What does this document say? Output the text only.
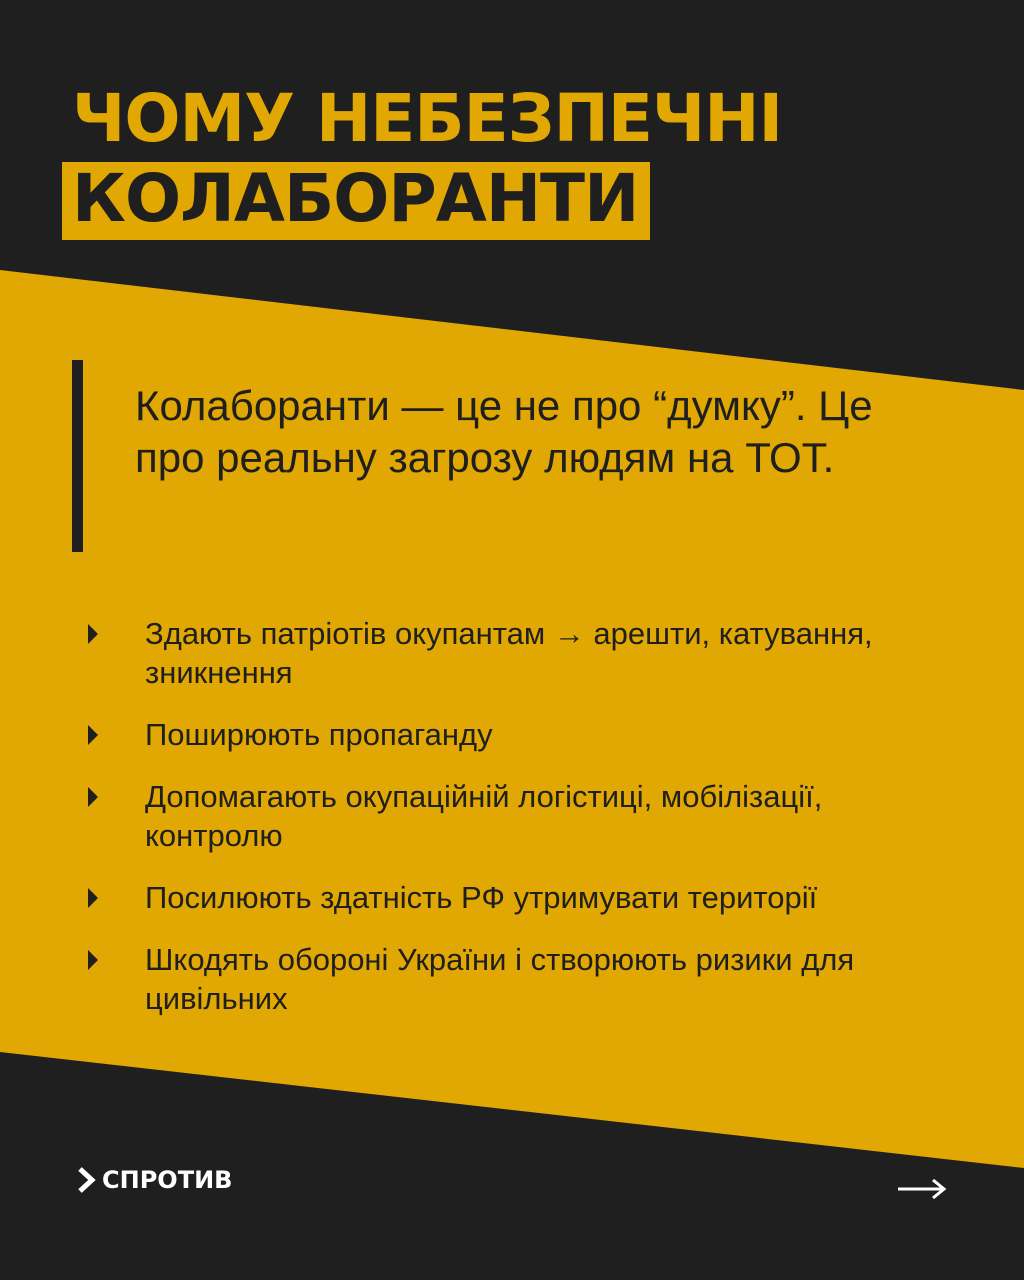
ЧОМУ НЕБЕЗПЕЧНІ
КОЛАБОРАНТИ

Колаборанти — це не про “думку”. Це про реальну загрозу людям на ТОТ.

Здають патріотів окупантам → арешти, катування, зникнення
Поширюють пропаганду
Допомагають окупаційній логістиці, мобілізації, контролю
Посилюють здатність РФ утримувати території
Шкодять обороні України і створюють ризики для цивільних
СПРОТИВ
